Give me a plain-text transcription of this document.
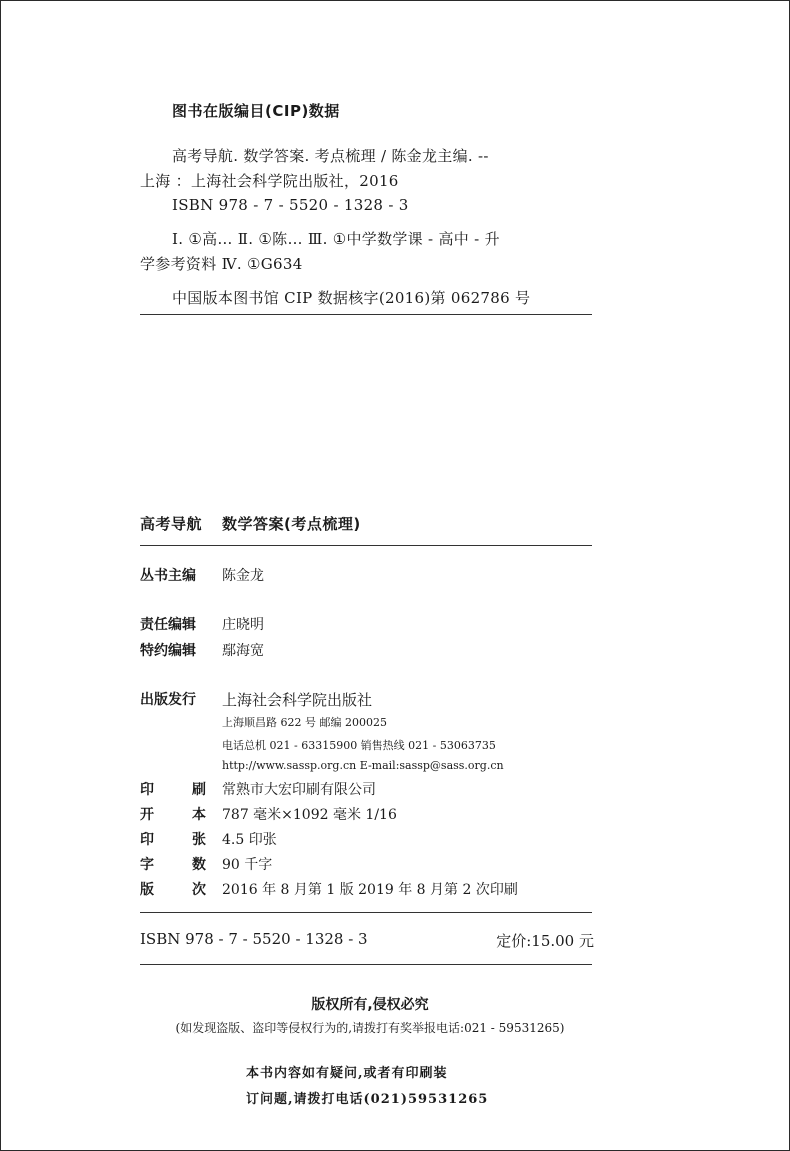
图书在版编目(CIP)数据
高考导航. 数学答案. 考点梳理 / 陈金龙主编. --
上海 ：上海社会科学院出版社，2016
ISBN 978 - 7 - 5520 - 1328 - 3
Ⅰ. ①高… Ⅱ. ①陈… Ⅲ. ①中学数学课 - 高中 - 升
学参考资料 Ⅳ. ①G634
中国版本图书馆 CIP 数据核字(2016)第 062786 号
高考导航 数学答案(考点梳理)
丛书主编 陈金龙
责任编辑 庄晓明
特约编辑 鄢海宽
出版发行 上海社会科学院出版社
上海顺昌路 622 号 邮编 200025
电话总机 021 - 63315900 销售热线 021 - 53063735
http://www.sassp.org.cn E-mail:sassp@sass.org.cn
印	刷 常熟市大宏印刷有限公司
开	本 787 毫米×1092 毫米 1/16
印	张 4.5 印张
字	数 90 千字
版	次 2016 年 8 月第 1 版 2019 年 8 月第 2 次印刷
ISBN 978 - 7 - 5520 - 1328 - 3	定价:15.00 元
版权所有,侵权必究
(如发现盗版、盗印等侵权行为的,请拨打有奖举报电话:021 - 59531265)
本书内容如有疑问,或者有印刷装
订问题,请拨打电话(021)59531265
